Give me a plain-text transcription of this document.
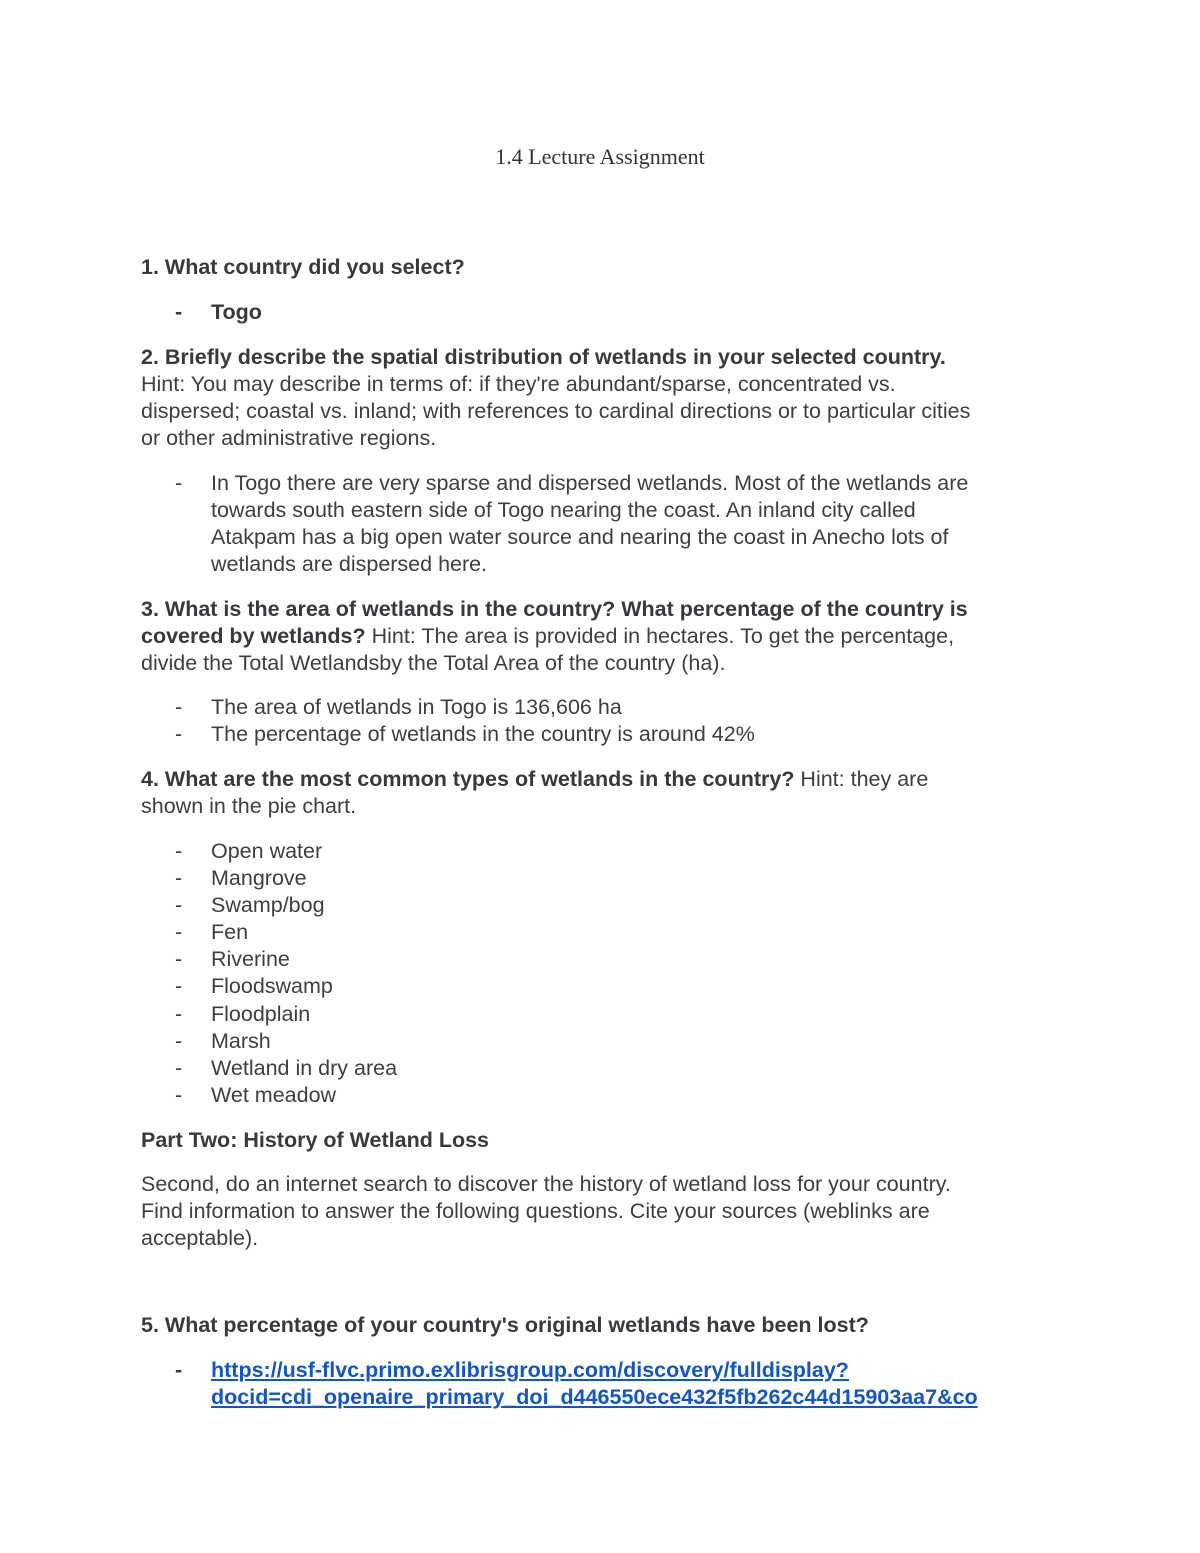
1.4 Lecture Assignment
1. What country did you select?
- Togo
2. Briefly describe the spatial distribution of wetlands in your selected country.
Hint: You may describe in terms of: if they're abundant/sparse, concentrated vs.
dispersed; coastal vs. inland; with references to cardinal directions or to particular cities
or other administrative regions.
- In Togo there are very sparse and dispersed wetlands. Most of the wetlands are
towards south eastern side of Togo nearing the coast. An inland city called
Atakpam has a big open water source and nearing the coast in Anecho lots of
wetlands are dispersed here.
3. What is the area of wetlands in the country? What percentage of the country is
covered by wetlands? Hint: The area is provided in hectares. To get the percentage,
divide the Total Wetlandsby the Total Area of the country (ha).
- The area of wetlands in Togo is 136,606 ha
- The percentage of wetlands in the country is around 42%
4. What are the most common types of wetlands in the country? Hint: they are
shown in the pie chart.
- Open water
- Mangrove
- Swamp/bog
- Fen
- Riverine
- Floodswamp
- Floodplain
- Marsh
- Wetland in dry area
- Wet meadow
Part Two: History of Wetland Loss
Second, do an internet search to discover the history of wetland loss for your country.
Find information to answer the following questions. Cite your sources (weblinks are
acceptable).
5. What percentage of your country's original wetlands have been lost?
- https://usf-flvc.primo.exlibrisgroup.com/discovery/fulldisplay?
docid=cdi_openaire_primary_doi_d446550ece432f5fb262c44d15903aa7&co
